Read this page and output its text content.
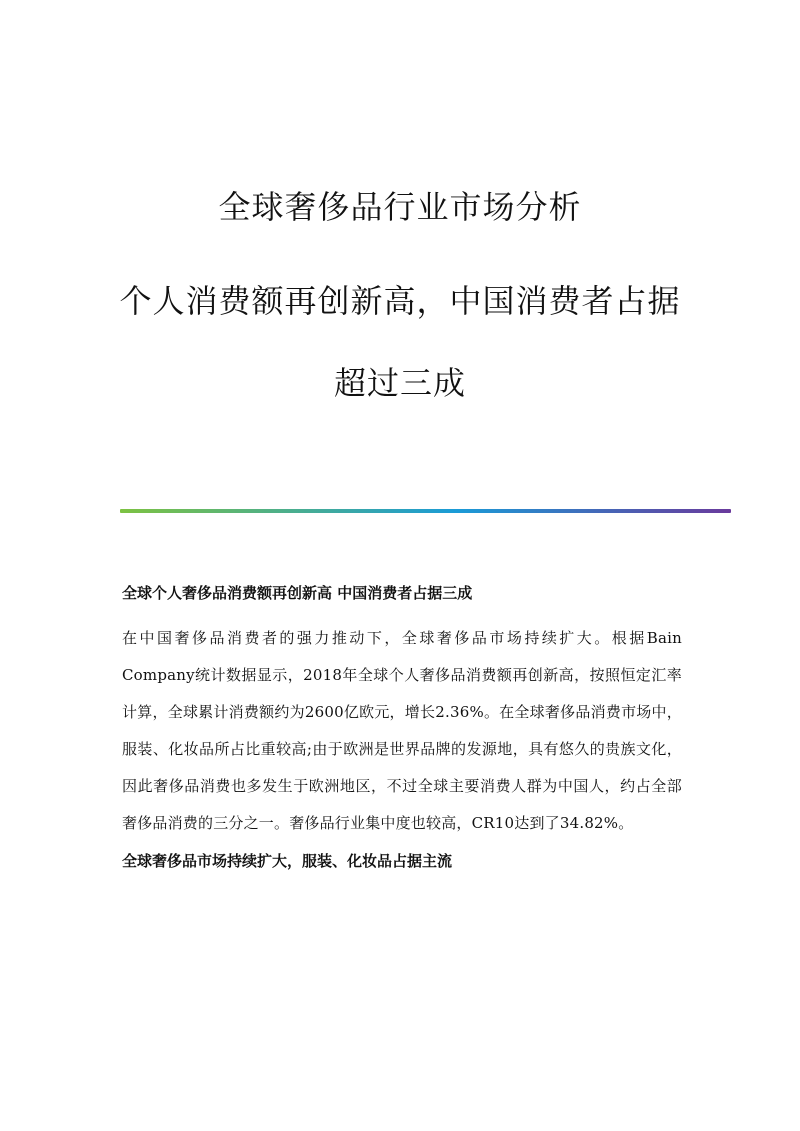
全球奢侈品行业市场分析
个人消费额再创新高，中国消费者占据
超过三成

全球个人奢侈品消费额再创新高 中国消费者占据三成

在中国奢侈品消费者的强力推动下，全球奢侈品市场持续扩大。根据Bain Company统计数据显示，2018年全球个人奢侈品消费额再创新高，按照恒定汇率计算，全球累计消费额约为2600亿欧元，增长2.36%。在全球奢侈品消费市场中，服装、化妆品所占比重较高;由于欧洲是世界品牌的发源地，具有悠久的贵族文化，因此奢侈品消费也多发生于欧洲地区，不过全球主要消费人群为中国人，约占全部奢侈品消费的三分之一。奢侈品行业集中度也较高，CR10达到了34.82%。

全球奢侈品市场持续扩大，服装、化妆品占据主流
